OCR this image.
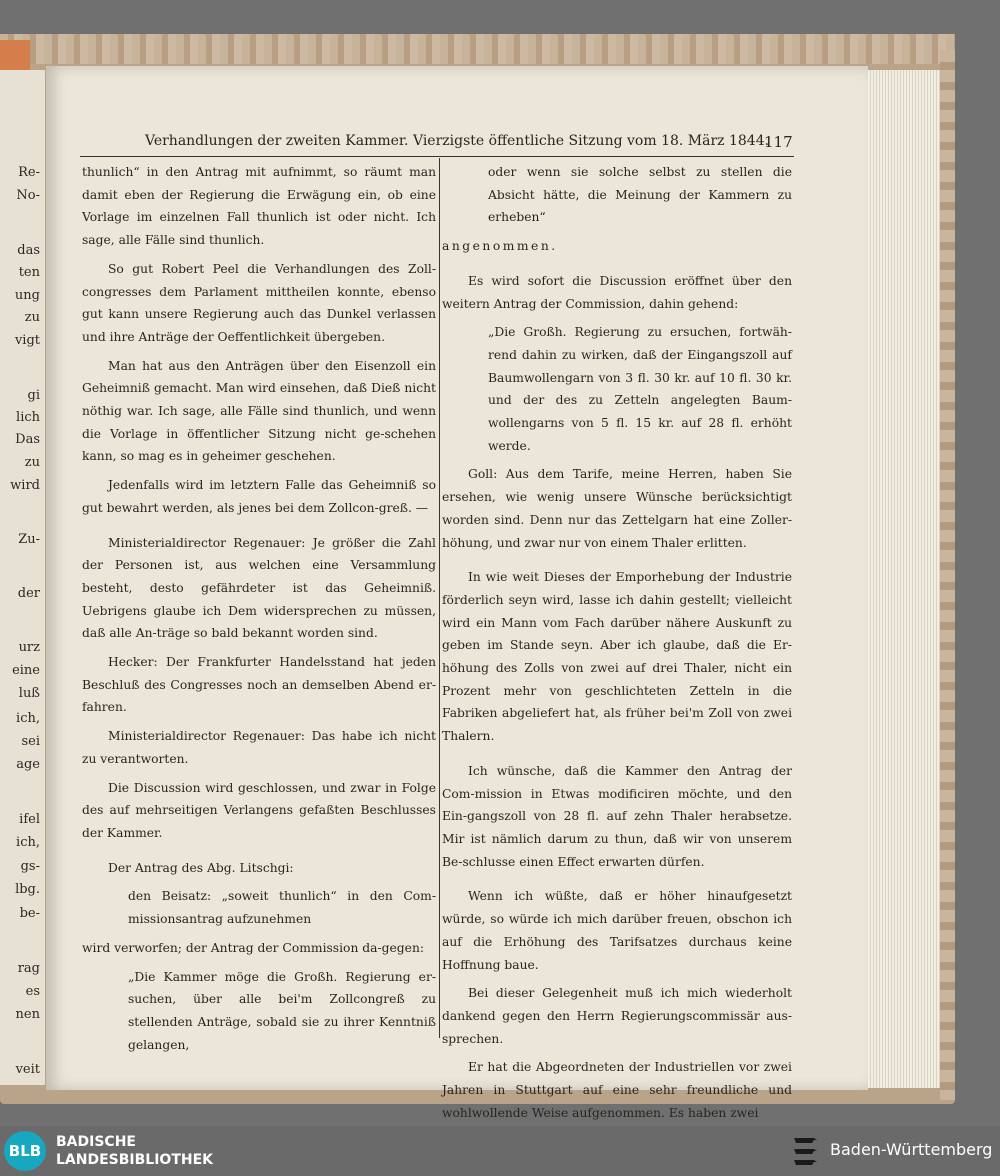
Re-
No-
das
ten
ung
zu
vigt
gi
lich
Das
zu
wird
Zu-
der
urz
eine
luß
ich,
sei
age
ifel
ich,
gs-
lbg.
be-
rag
es
nen
veit
Verhandlungen der zweiten Kammer. Vierzigste öffentliche Sitzung vom 18. März 1844.
117

thunlich“ in den Antrag mit aufnimmt, so räumt man damit eben der Regierung die Erwägung ein, ob eine Vorlage im einzelnen Fall thunlich ist oder nicht. Ich sage, alle Fälle sind thunlich.

So gut Robert Peel die Verhandlungen des Zoll-congresses dem Parlament mittheilen konnte, ebenso gut kann unsere Regierung auch das Dunkel verlassen und ihre Anträge der Oeffentlichkeit übergeben.

Man hat aus den Anträgen über den Eisenzoll ein Geheimniß gemacht. Man wird einsehen, daß Dieß nicht nöthig war. Ich sage, alle Fälle sind thunlich, und wenn die Vorlage in öffentlicher Sitzung nicht ge-schehen kann, so mag es in geheimer geschehen.

Jedenfalls wird im letztern Falle das Geheimniß so gut bewahrt werden, als jenes bei dem Zollcon-greß. —

Ministerialdirector Regenauer: Je größer die Zahl der Personen ist, aus welchen eine Versammlung besteht, desto gefährdeter ist das Geheimniß. Uebrigens glaube ich Dem widersprechen zu müssen, daß alle An-träge so bald bekannt worden sind.

Hecker: Der Frankfurter Handelsstand hat jeden Beschluß des Congresses noch an demselben Abend er-fahren.

Ministerialdirector Regenauer: Das habe ich nicht zu verantworten.

Die Discussion wird geschlossen, und zwar in Folge des auf mehrseitigen Verlangens gefaßten Beschlusses der Kammer.

Der Antrag des Abg. Litschgi:

den Beisatz: „soweit thunlich“ in den Com-missionsantrag aufzunehmen

wird verworfen; der Antrag der Commission da-gegen:

„Die Kammer möge die Großh. Regierung er-suchen, über alle bei'm Zollcongreß zu stellenden Anträge, sobald sie zu ihrer Kenntniß gelangen,

oder wenn sie solche selbst zu stellen die Absicht hätte, die Meinung der Kammern zu erheben“

angenommen.

Es wird sofort die Discussion eröffnet über den weitern Antrag der Commission, dahin gehend:

„Die Großh. Regierung zu ersuchen, fortwäh-rend dahin zu wirken, daß der Eingangszoll auf Baumwollengarn von 3 fl. 30 kr. auf 10 fl. 30 kr. und der des zu Zetteln angelegten Baum-wollengarns von 5 fl. 15 kr. auf 28 fl. erhöht werde.

Goll: Aus dem Tarife, meine Herren, haben Sie ersehen, wie wenig unsere Wünsche berücksichtigt worden sind. Denn nur das Zettelgarn hat eine Zoller-höhung, und zwar nur von einem Thaler erlitten.

In wie weit Dieses der Emporhebung der Industrie förderlich seyn wird, lasse ich dahin gestellt; vielleicht wird ein Mann vom Fach darüber nähere Auskunft zu geben im Stande seyn. Aber ich glaube, daß die Er-höhung des Zolls von zwei auf drei Thaler, nicht ein Prozent mehr von geschlichteten Zetteln in die Fabriken abgeliefert hat, als früher bei'm Zoll von zwei Thalern.

Ich wünsche, daß die Kammer den Antrag der Com-mission in Etwas modificiren möchte, und den Ein-gangszoll von 28 fl. auf zehn Thaler herabsetze. Mir ist nämlich darum zu thun, daß wir von unserem Be-schlusse einen Effect erwarten dürfen.

Wenn ich wüßte, daß er höher hinaufgesetzt würde, so würde ich mich darüber freuen, obschon ich auf die Erhöhung des Tarifsatzes durchaus keine Hoffnung baue.

Bei dieser Gelegenheit muß ich mich wiederholt dankend gegen den Herrn Regierungscommissär aus-sprechen.

Er hat die Abgeordneten der Industriellen vor zwei Jahren in Stuttgart auf eine sehr freundliche und wohlwollende Weise aufgenommen. Es haben zwei

BLB	BADISCHE
LANDESBIBLIOTHEK
Baden-Württemberg
